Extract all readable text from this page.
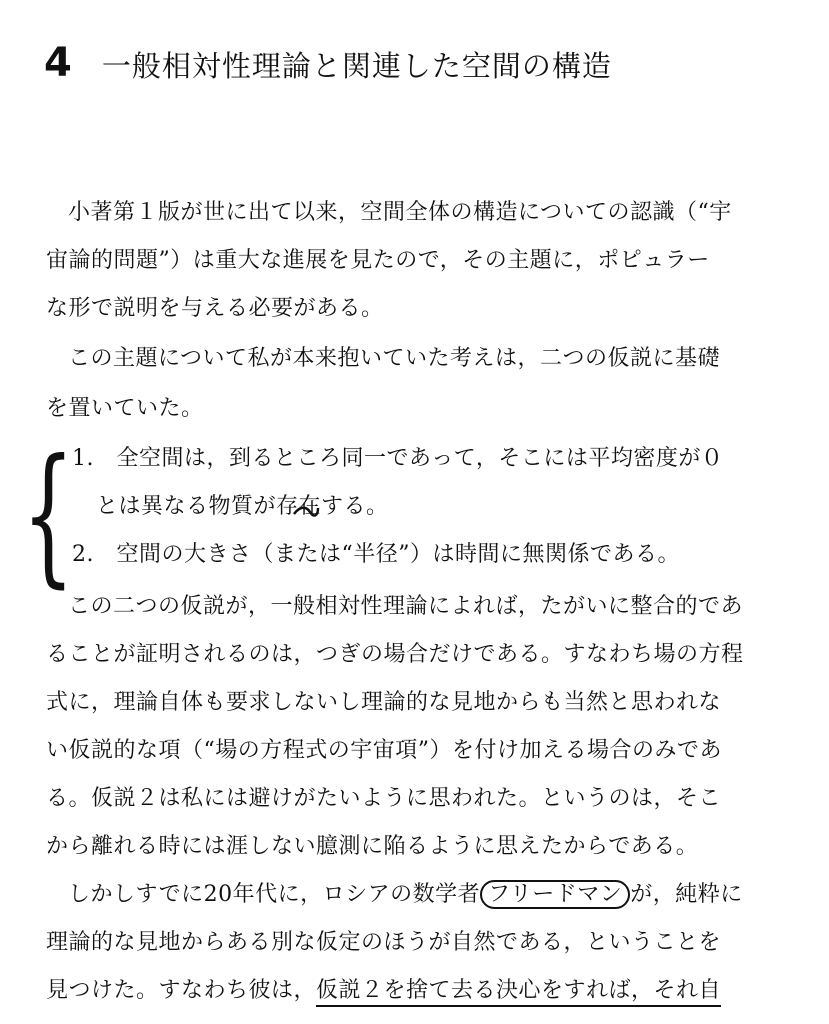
4 一般相対性理論と関連した空間の構造
小著第１版が世に出て以来，空間全体の構造についての認識（“宇
宙論的問題”）は重大な進展を見たので，その主題に，ポピュラー
な形で説明を与える必要がある。
この主題について私が本来抱いていた考えは，二つの仮説に基礎
を置いていた。
{
1.　全空間は，到るところ同一であって，そこには平均密度が０
とは異なる物質が存在する。
2.　空間の大きさ（または“半径”）は時間に無関係である。
この二つの仮説が，一般相対性理論によれば，たがいに整合的であ
ることが証明されるのは，つぎの場合だけである。すなわち場の方程
式に，理論自体も要求しないし理論的な見地からも当然と思われな
い仮説的な項（“場の方程式の宇宙項”）を付け加える場合のみであ
る。仮説２は私には避けがたいように思われた。というのは，そこ
から離れる時には涯しない臆測に陥るように思えたからである。
しかしすでに20年代に，ロシアの数学者 フリードマン が，純粋に
理論的な見地からある別な仮定のほうが自然である，ということを
見つけた。すなわち彼は，仮説２を捨て去る決心をすれば，それ自
